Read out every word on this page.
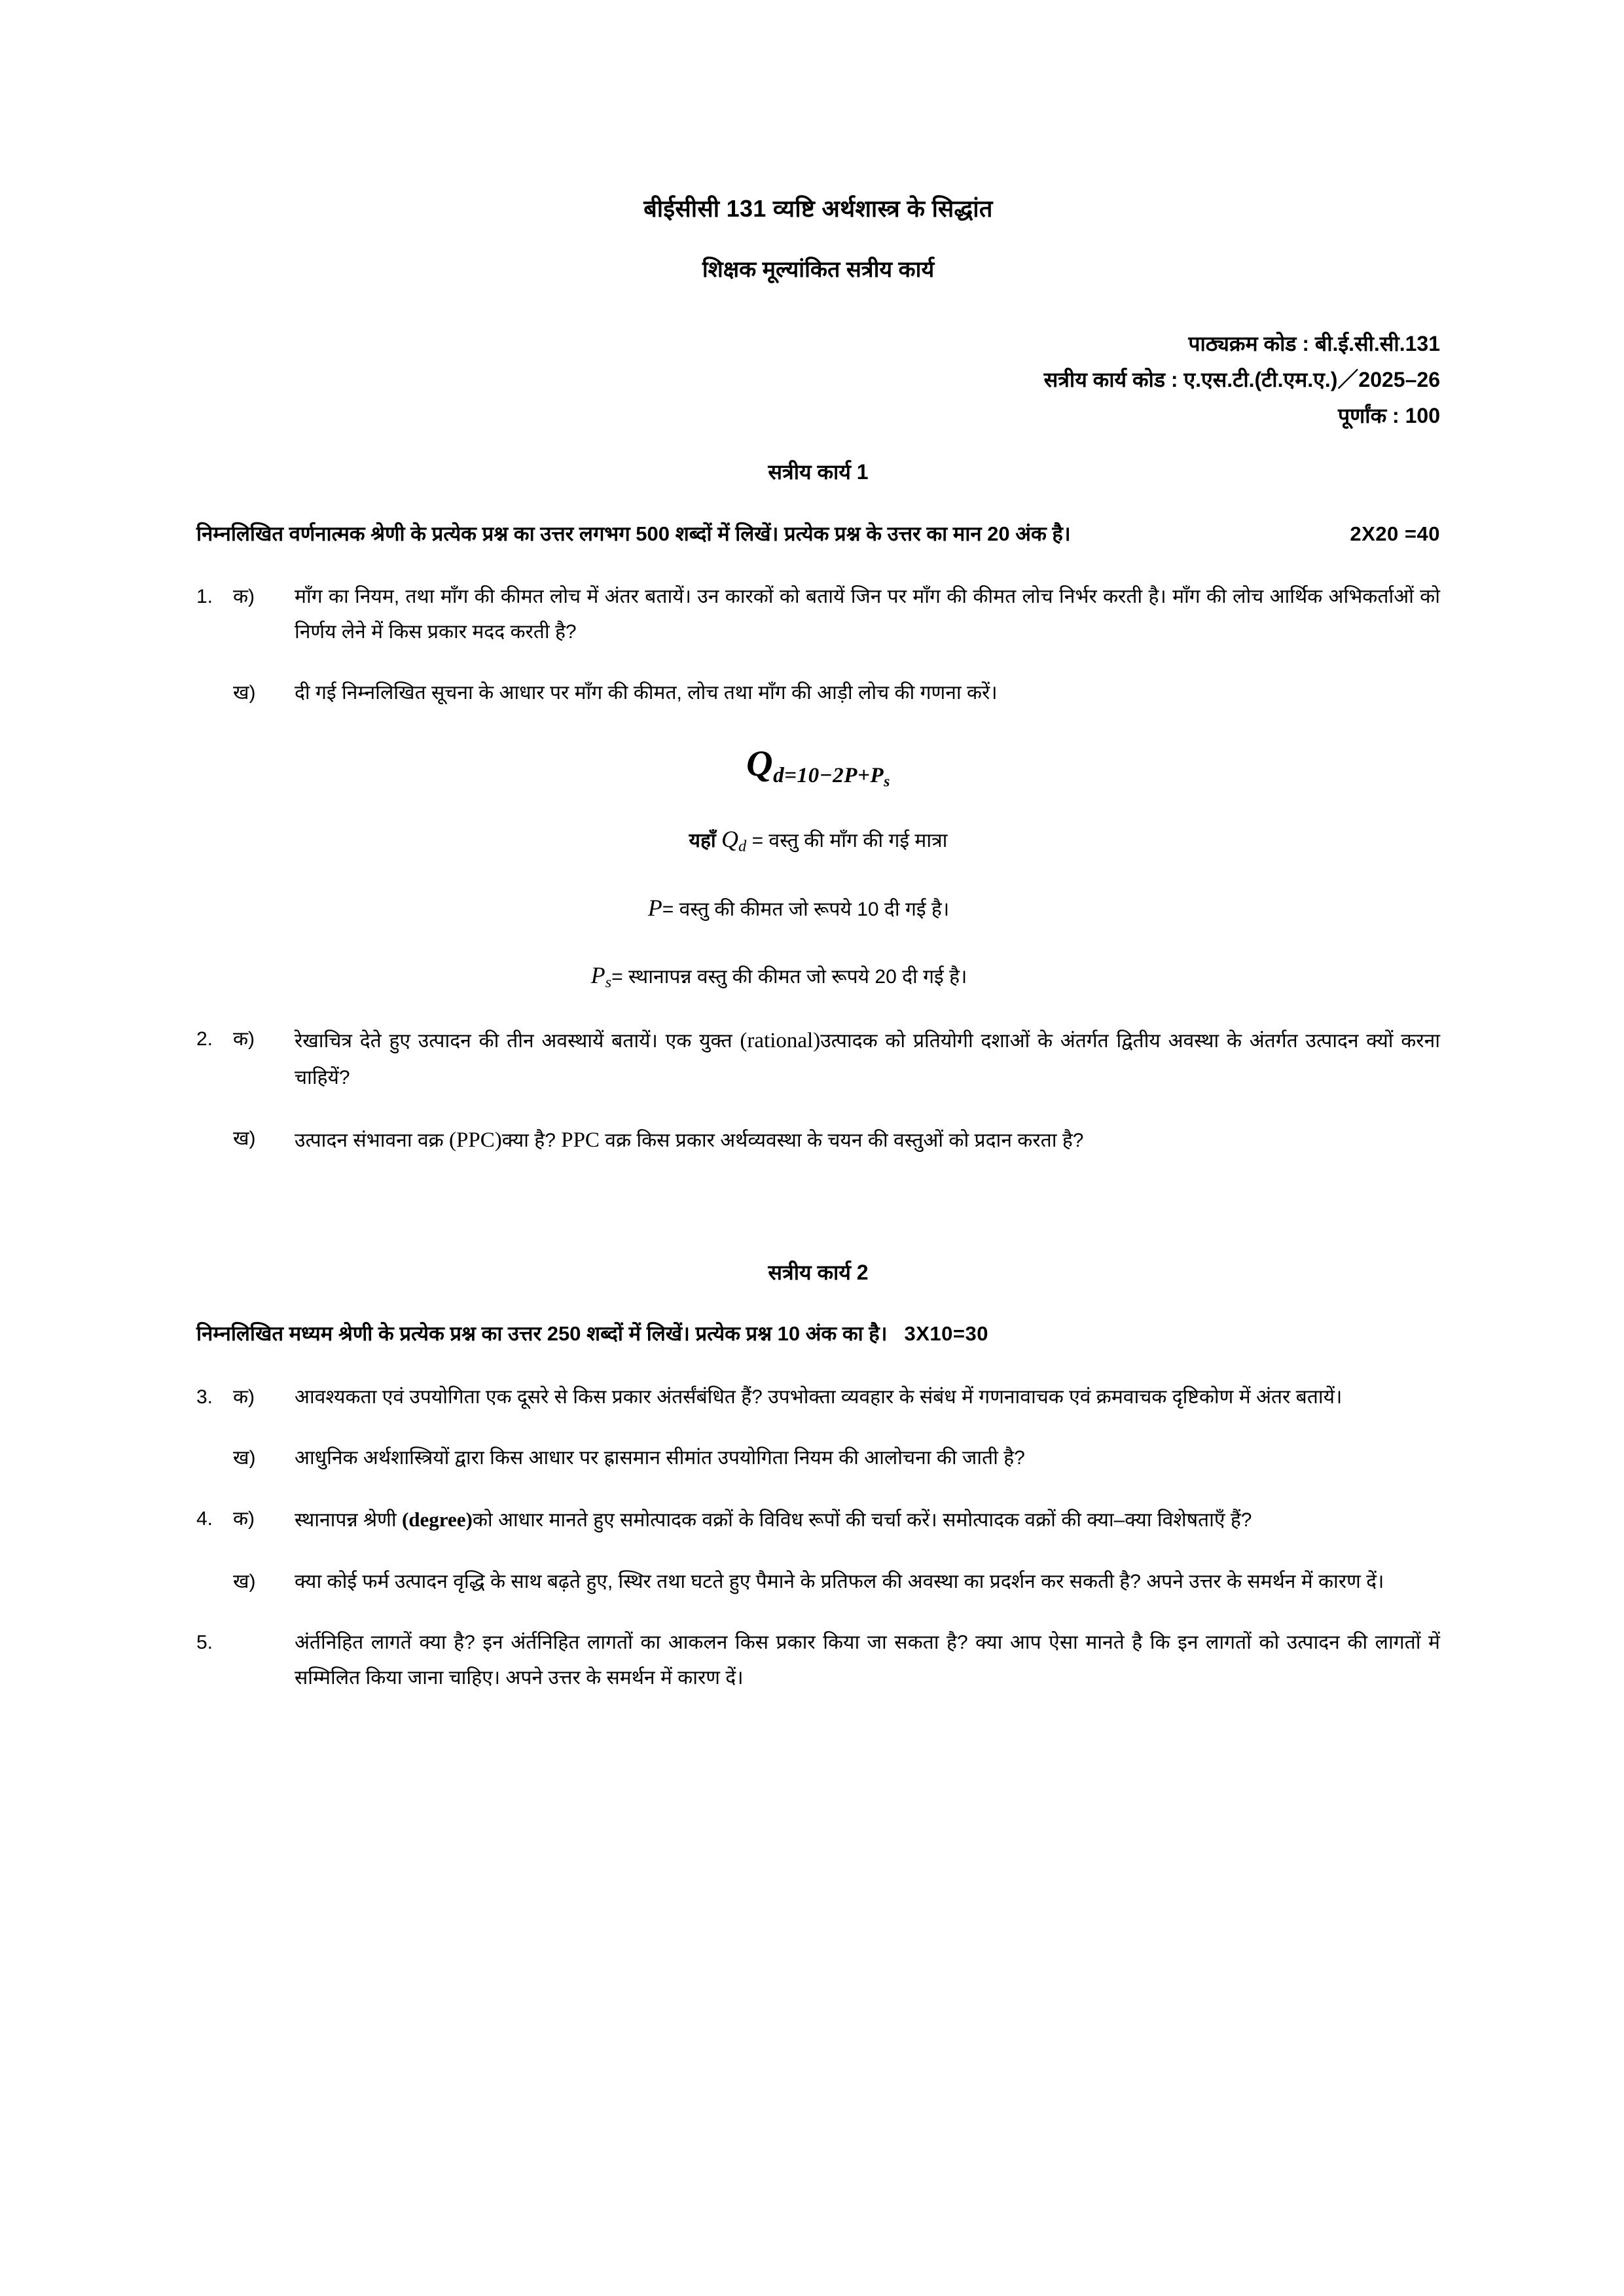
बीईसीसी 131 व्यष्टि अर्थशास्त्र के सिद्धांत
शिक्षक मूल्यांकित सत्रीय कार्य
पाठ्यक्रम कोड : बी.ई.सी.सी.131
सत्रीय कार्य कोड : ए.एस.टी.(टी.एम.ए.)／2025–26
पूर्णांक : 100
सत्रीय कार्य 1
2X20 =40
निम्नलिखित वर्णनात्मक श्रेणी के प्रत्येक प्रश्न का उत्तर लगभग 500 शब्दों में लिखें। प्रत्येक प्रश्न के उत्तर का मान 20 अंक है।
1.	क)	माँग का नियम, तथा माँग की कीमत लोच में अंतर बतायें। उन कारकों को बतायें जिन पर माँग की कीमत लोच निर्भर करती है। माँग की लोच आर्थिक अभिकर्ताओं को निर्णय लेने में किस प्रकार मदद करती है?
ख)	दी गई निम्नलिखित सूचना के आधार पर माँग की कीमत, लोच तथा माँग की आड़ी लोच की गणना करें।
$Q_{d=10-2P+P_s}$
यहाँ $Q_d$ = वस्तु की माँग की गई मात्रा
P= वस्तु की कीमत जो रूपये 10 दी गई है।
$P_s=$ स्थानापन्न वस्तु की कीमत जो रूपये 20 दी गई है।
2.	क)	रेखाचित्र देते हुए उत्पादन की तीन अवस्थायें बतायें। एक युक्त (rational)उत्पादक को प्रतियोगी दशाओं के अंतर्गत द्वितीय अवस्था के अंतर्गत उत्पादन क्यों करना चाहियें?
ख)	उत्पादन संभावना वक्र (PPC)क्या है? PPC वक्र किस प्रकार अर्थव्यवस्था के चयन की वस्तुओं को प्रदान करता है?
सत्रीय कार्य 2
निम्नलिखित मध्यम श्रेणी के प्रत्येक प्रश्न का उत्तर 250 शब्दों में लिखें। प्रत्येक प्रश्न 10 अंक का है। 3X10=30
3.	क)	आवश्यकता एवं उपयोगिता एक दूसरे से किस प्रकार अंतर्संबंधित हैं? उपभोक्ता व्यवहार के संबंध में गणनावाचक एवं क्रमवाचक दृष्टिकोण में अंतर बतायें।
ख)	आधुनिक अर्थशास्त्रियों द्वारा किस आधार पर ह्रासमान सीमांत उपयोगिता नियम की आलोचना की जाती है?
4.	क)	स्थानापन्न श्रेणी (degree)को आधार मानते हुए समोत्पादक वक्रों के विविध रूपों की चर्चा करें। समोत्पादक वक्रों की क्या–क्या विशेषताएँ हैं?
ख)	क्या कोई फर्म उत्पादन वृद्धि के साथ बढ़ते हुए, स्थिर तथा घटते हुए पैमाने के प्रतिफल की अवस्था का प्रदर्शन कर सकती है? अपने उत्तर के समर्थन में कारण दें।
5.	अंर्तनिहित लागतें क्या है? इन अंर्तनिहित लागतों का आकलन किस प्रकार किया जा सकता है? क्या आप ऐसा मानते है कि इन लागतों को उत्पादन की लागतों में सम्मिलित किया जाना चाहिए। अपने उत्तर के समर्थन में कारण दें।
